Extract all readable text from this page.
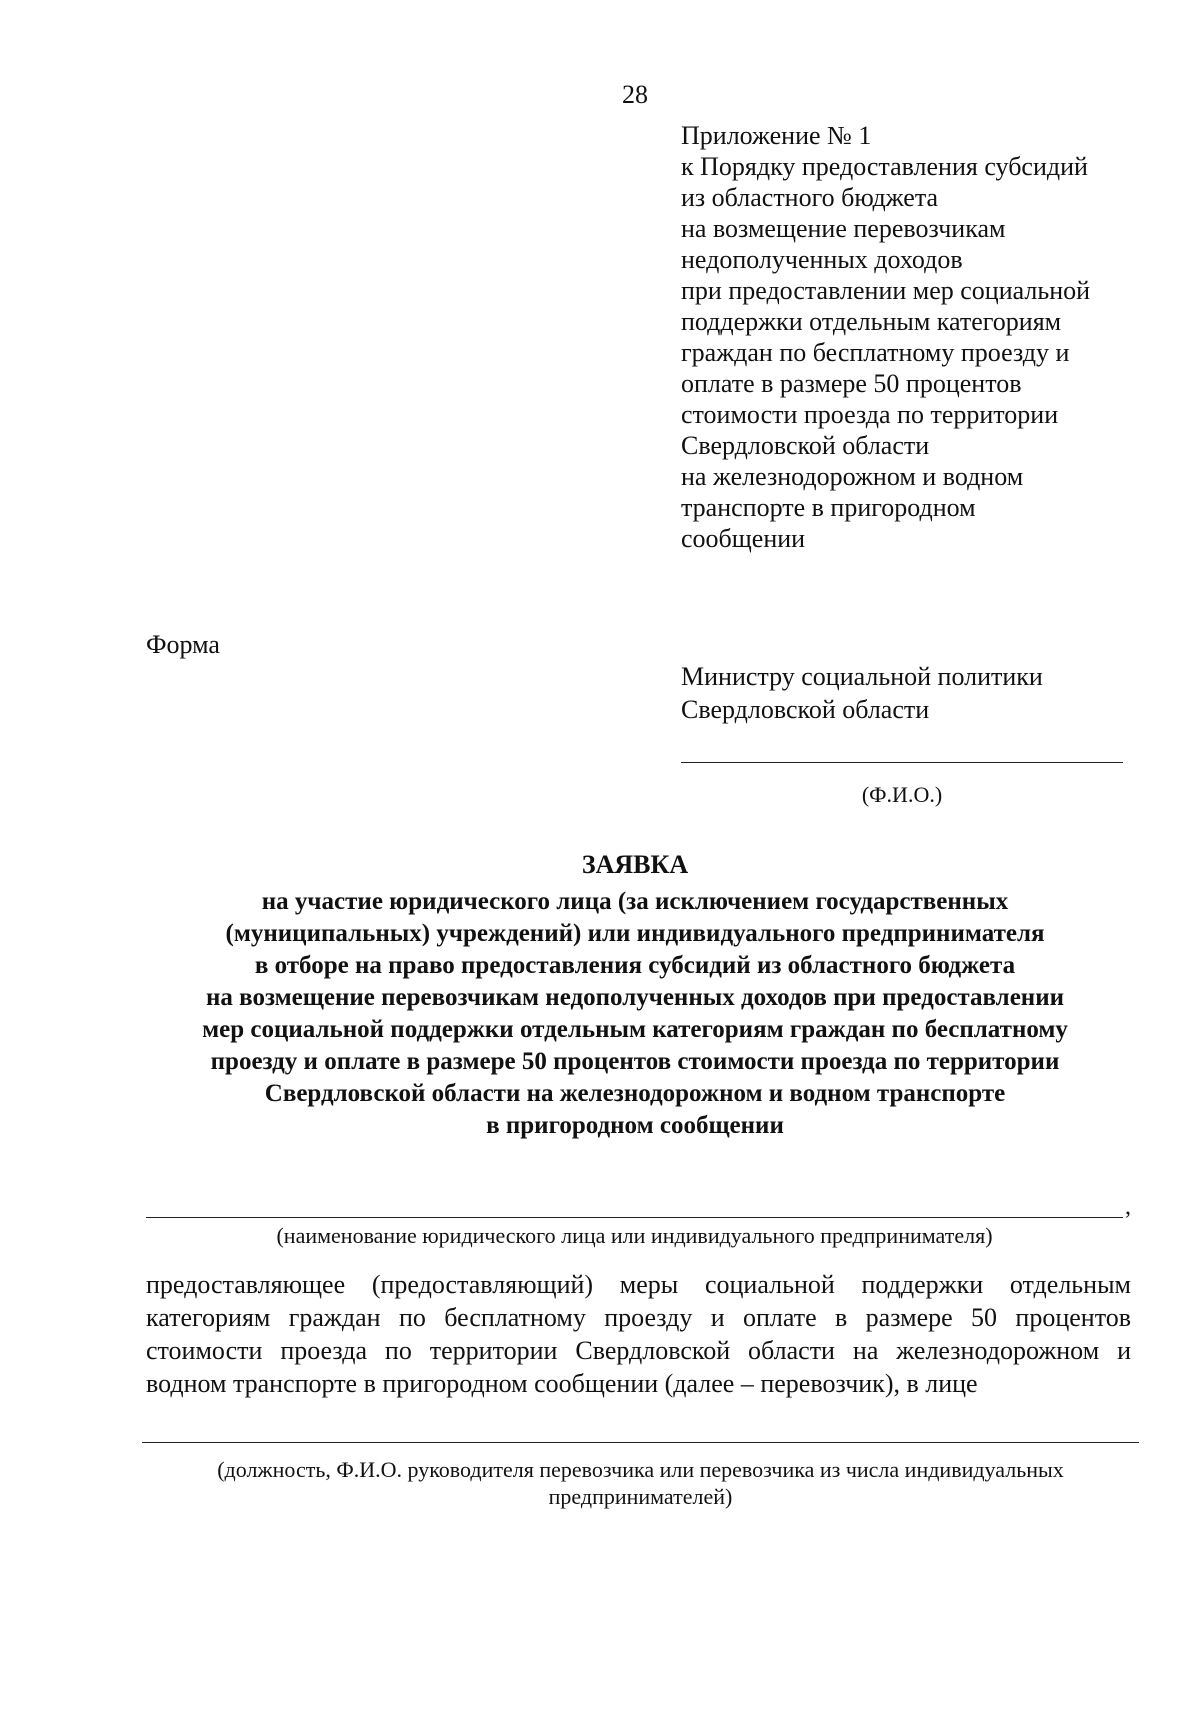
28
Приложение № 1
к Порядку предоставления субсидий
из областного бюджета
на возмещение перевозчикам
недополученных доходов
при предоставлении мер социальной
поддержки отдельным категориям
граждан по бесплатному проезду и
оплате в размере 50 процентов
стоимости проезда по территории
Свердловской области
на железнодорожном и водном
транспорте в пригородном
сообщении
Форма
Министру социальной политики
Свердловской области
(Ф.И.О.)
ЗАЯВКА
на участие юридического лица (за исключением государственных
(муниципальных) учреждений) или индивидуального предпринимателя
в отборе на право предоставления субсидий из областного бюджета
на возмещение перевозчикам недополученных доходов при предоставлении
мер социальной поддержки отдельным категориям граждан по бесплатному
проезду и оплате в размере 50 процентов стоимости проезда по территории
Свердловской области на железнодорожном и водном транспорте
в пригородном сообщении
,
(наименование юридического лица или индивидуального предпринимателя)
предоставляющее (предоставляющий) меры социальной поддержки отдельным
категориям граждан по бесплатному проезду и оплате в размере 50 процентов
стоимости проезда по территории Свердловской области на железнодорожном и
водном транспорте в пригородном сообщении (далее – перевозчик), в лице
(должность, Ф.И.О. руководителя перевозчика или перевозчика из числа индивидуальных
предпринимателей)
